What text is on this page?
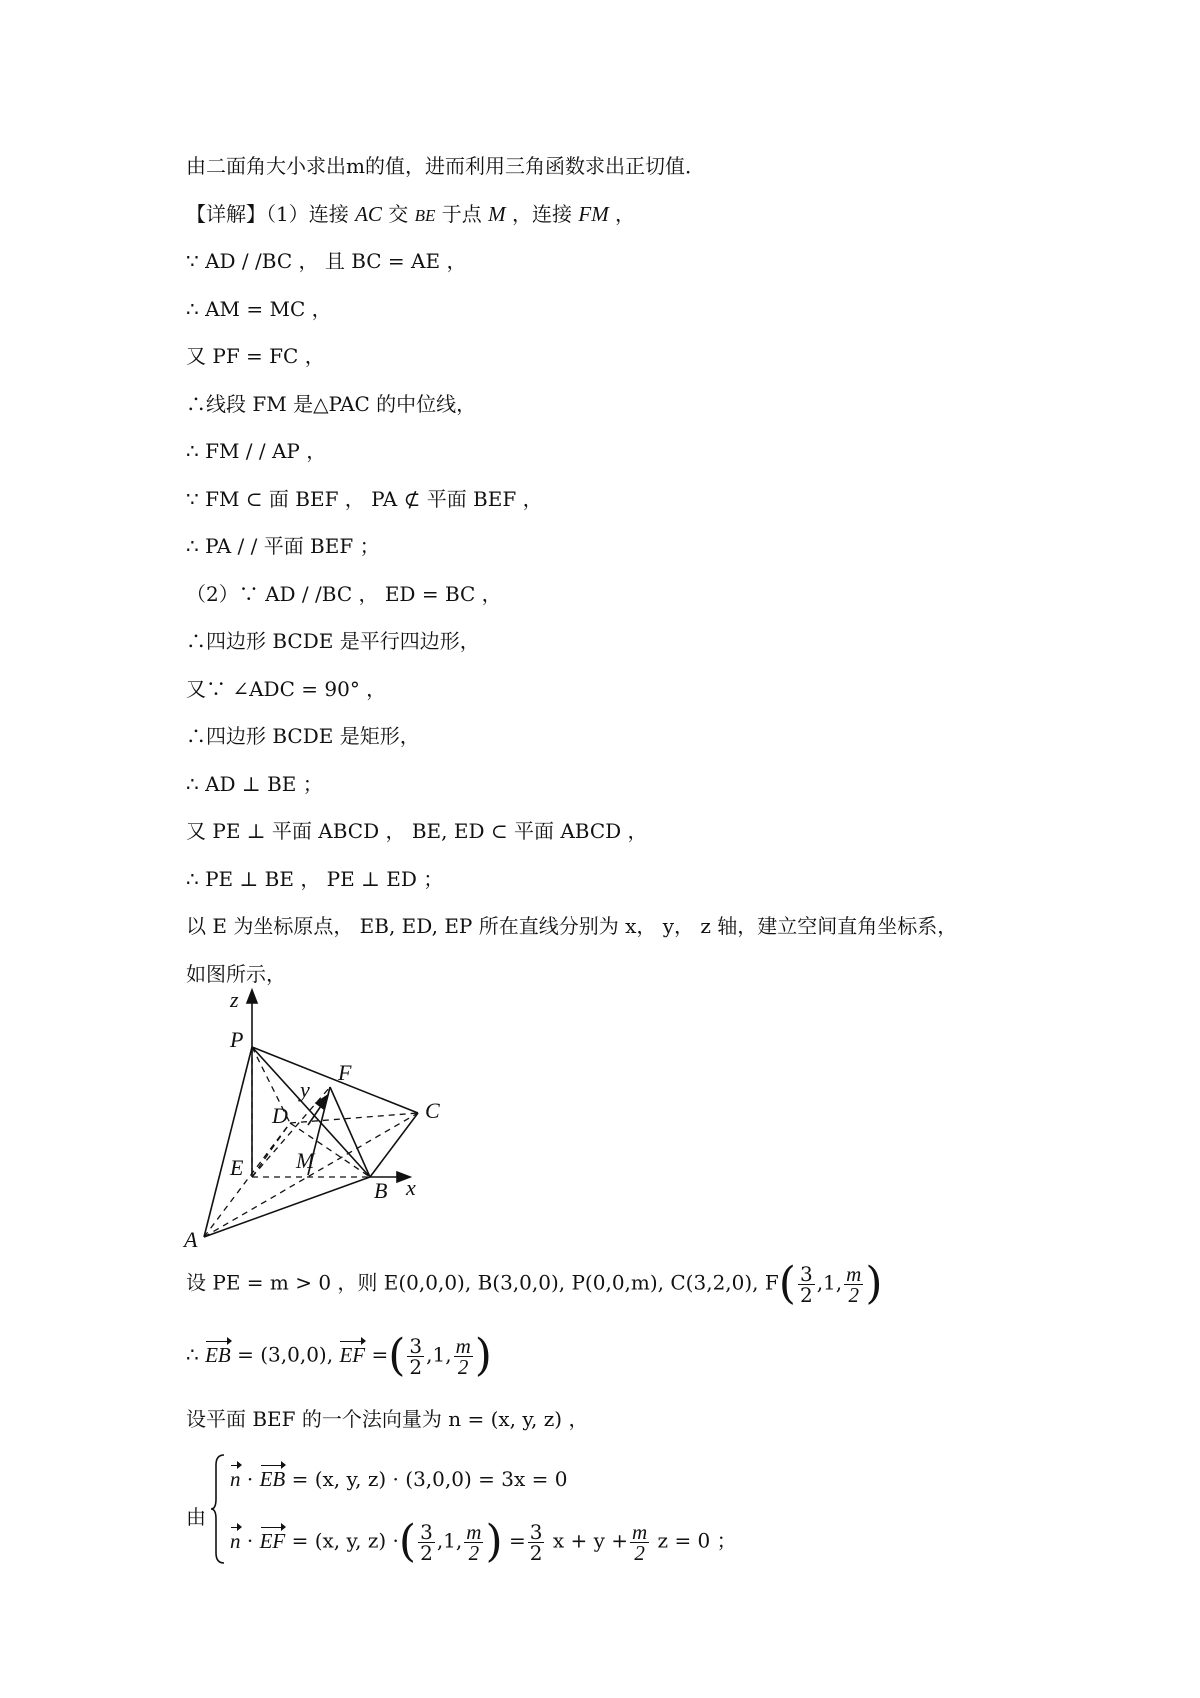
由二面角大小求出m的值，进而利用三角函数求出正切值．
【详解】（1）连接 AC 交 BE 于点 M ，连接 FM ，
∵ AD / /BC ， 且 BC = AE ，
∴ AM = MC ，
又 PF = FC ，
∴线段 FM 是△PAC 的中位线，
∴ FM / / AP ，
∵ FM ⊂ 面 BEF ， PA ⊄ 平面 BEF ，
∴ PA / / 平面 BEF ；
（2）∵ AD / /BC ， ED = BC ，
∴四边形 BCDE 是平行四边形，
又∵ ∠ADC = 90° ，
∴四边形 BCDE 是矩形，
∴ AD ⊥ BE ；
又 PE ⊥ 平面 ABCD ， BE, ED ⊂ 平面 ABCD ，
∴ PE ⊥ BE ， PE ⊥ ED ；
以 E 为坐标原点， EB, ED, EP 所在直线分别为 x， y， z 轴，建立空间直角坐标系，
如图所示，
z
P
F
y
D	C
M
E
B x
A
设 PE = m > 0 ，则 E(0,0,0), B(3,0,0), P(0,0,m), C(3,2,0), $F( \frac{3}{2} ,1$, $\frac{m}{2}$ )
∴ EB = (3,0,0), EF =( $\frac{3}{2} ,1$, $\frac{m}{2}$ )
设平面 BEF 的一个法向量为 n = (x, y, z) ，
由
n · EB = (x, y, z) · (3,0,0) = 3x = 0
n · EF = (x, y, z) ·( $\frac{3}{2} ,1$, $\frac{m}{2}$ ) = $\frac{3}{2}$ $x + y + \frac{m}{2}$ z = 0 ；
